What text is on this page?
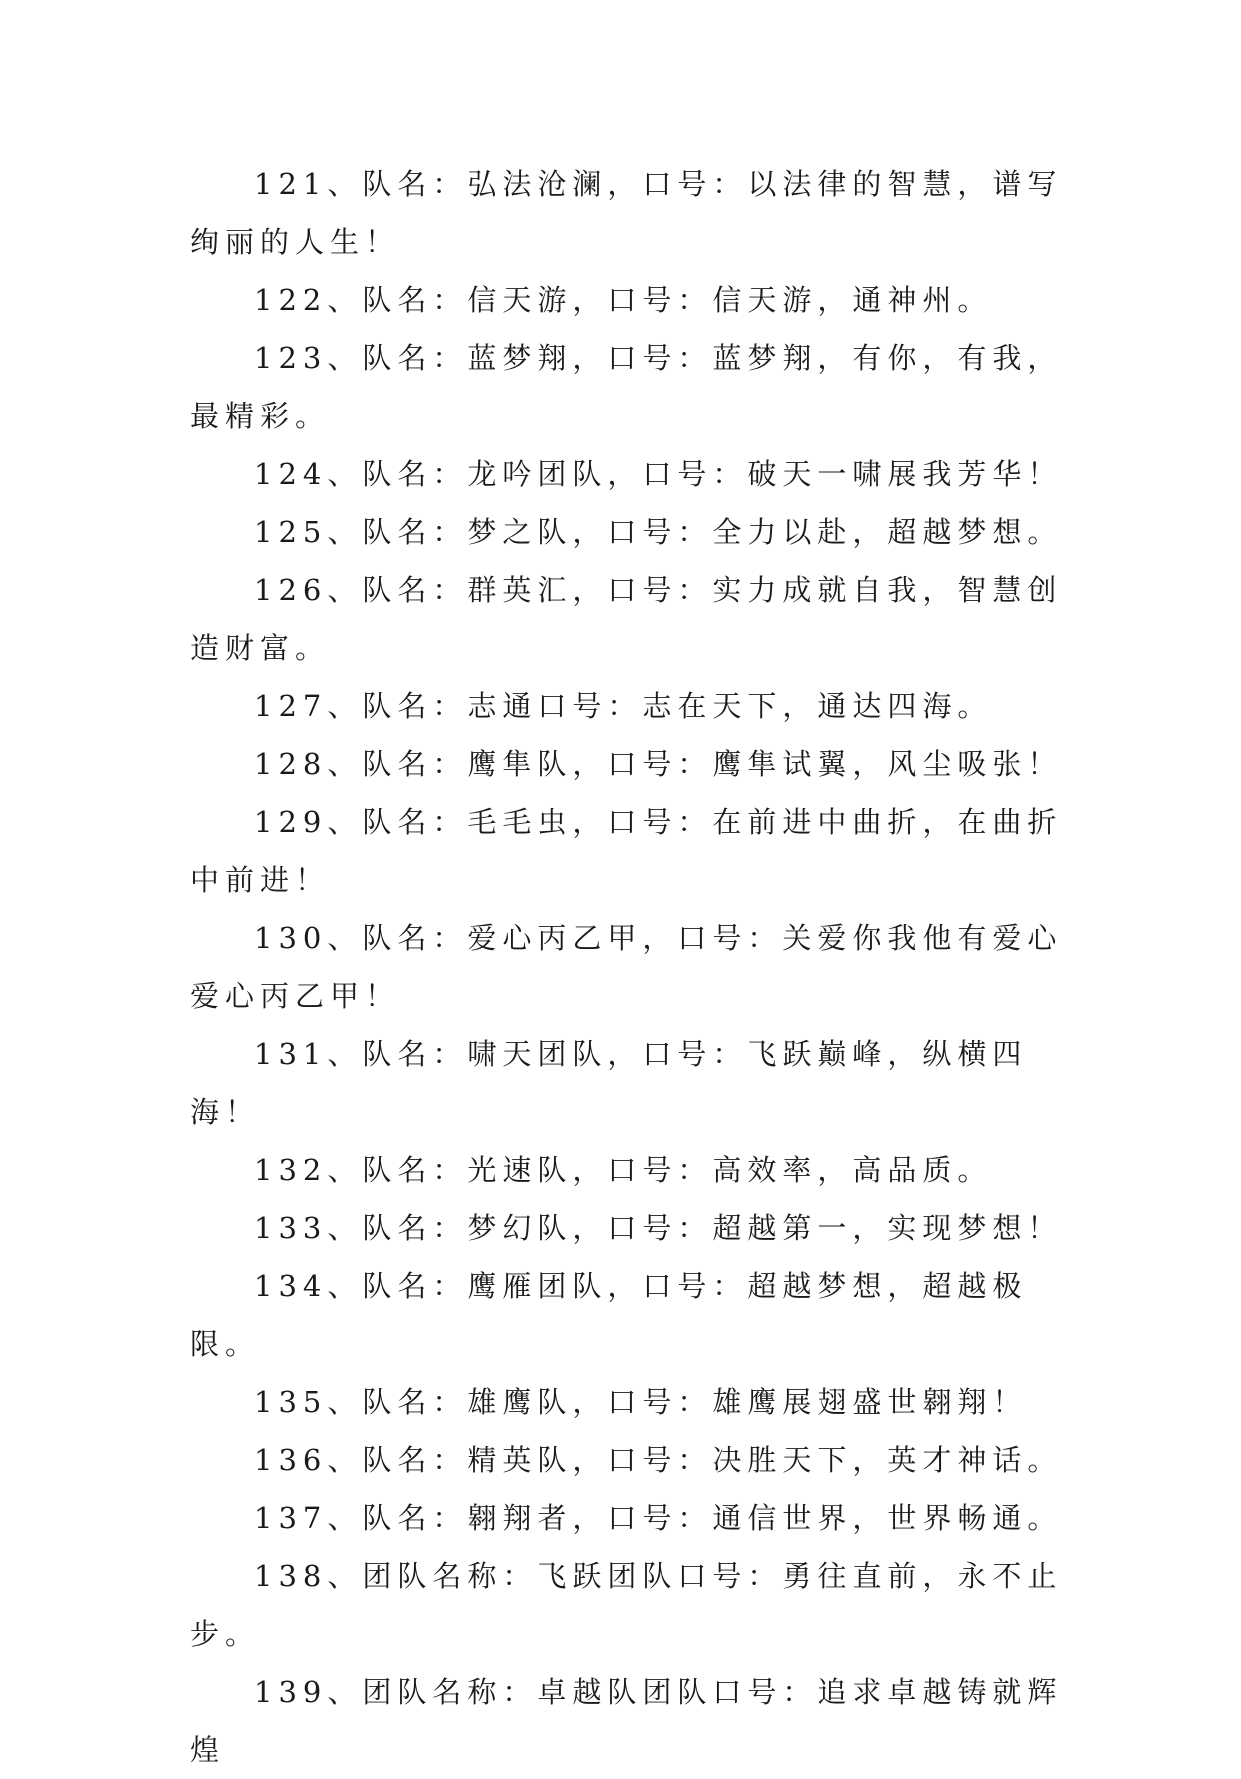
121、队名：弘法沧澜，口号：以法律的智慧，谱写绚丽的人生！

122、队名：信天游，口号：信天游，通神州。

123、队名：蓝梦翔，口号：蓝梦翔，有你，有我，最精彩。

124、队名：龙吟团队，口号：破天一啸展我芳华！

125、队名：梦之队，口号：全力以赴，超越梦想。

126、队名：群英汇，口号：实力成就自我，智慧创造财富。

127、队名：志通口号：志在天下，通达四海。

128、队名：鹰隼队，口号：鹰隼试翼，风尘吸张！

129、队名：毛毛虫，口号：在前进中曲折，在曲折中前进！

130、队名：爱心丙乙甲，口号：关爱你我他有爱心爱心丙乙甲！

131、队名：啸天团队，口号：飞跃巅峰，纵横四海！

132、队名：光速队，口号：高效率，高品质。

133、队名：梦幻队，口号：超越第一，实现梦想！

134、队名：鹰雁团队，口号：超越梦想，超越极限。

135、队名：雄鹰队，口号：雄鹰展翅盛世翱翔！

136、队名：精英队，口号：决胜天下，英才神话。

137、队名：翱翔者，口号：通信世界，世界畅通。

138、团队名称：飞跃团队口号：勇往直前，永不止步。

139、团队名称：卓越队团队口号：追求卓越铸就辉煌
